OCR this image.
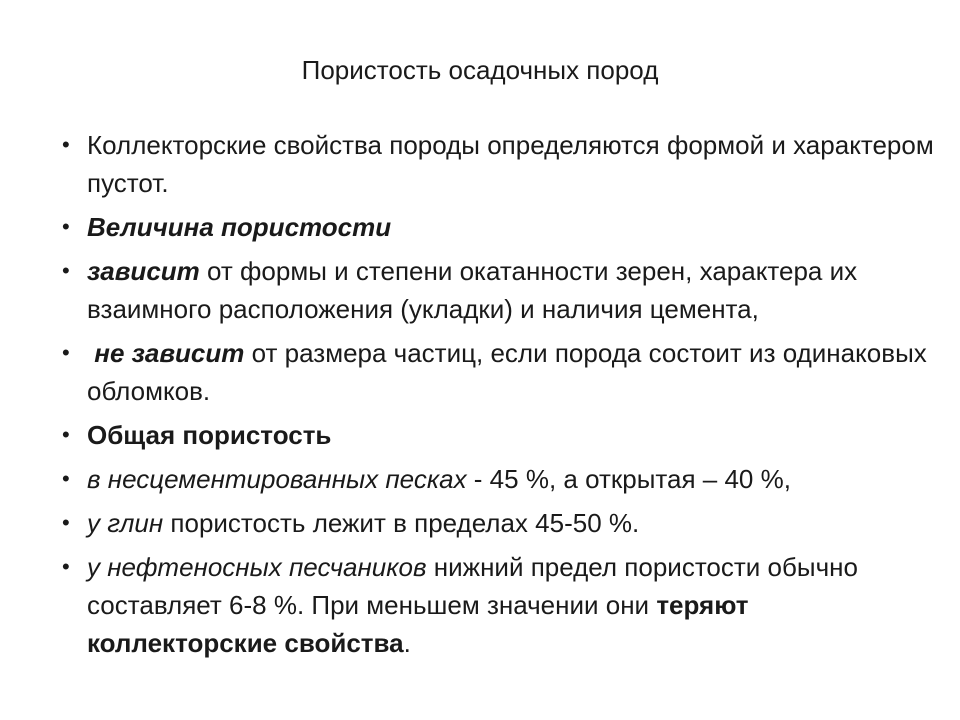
Пористость осадочных пород
• Коллекторские свойства породы определяются формой и характером пустот.
• Величина пористости
• зависит от формы и степени окатанности зерен, характера их взаимного расположения (укладки) и наличия цемента,
• не зависит от размера частиц, если порода состоит из одинаковых обломков.
• Общая пористость
• в несцементированных песках - 45 %, а открытая – 40 %,
• у глин пористость лежит в пределах 45-50 %.
• у нефтеносных песчаников нижний предел пористости обычно составляет 6-8 %. При меньшем значении они теряют коллекторские свойства.
